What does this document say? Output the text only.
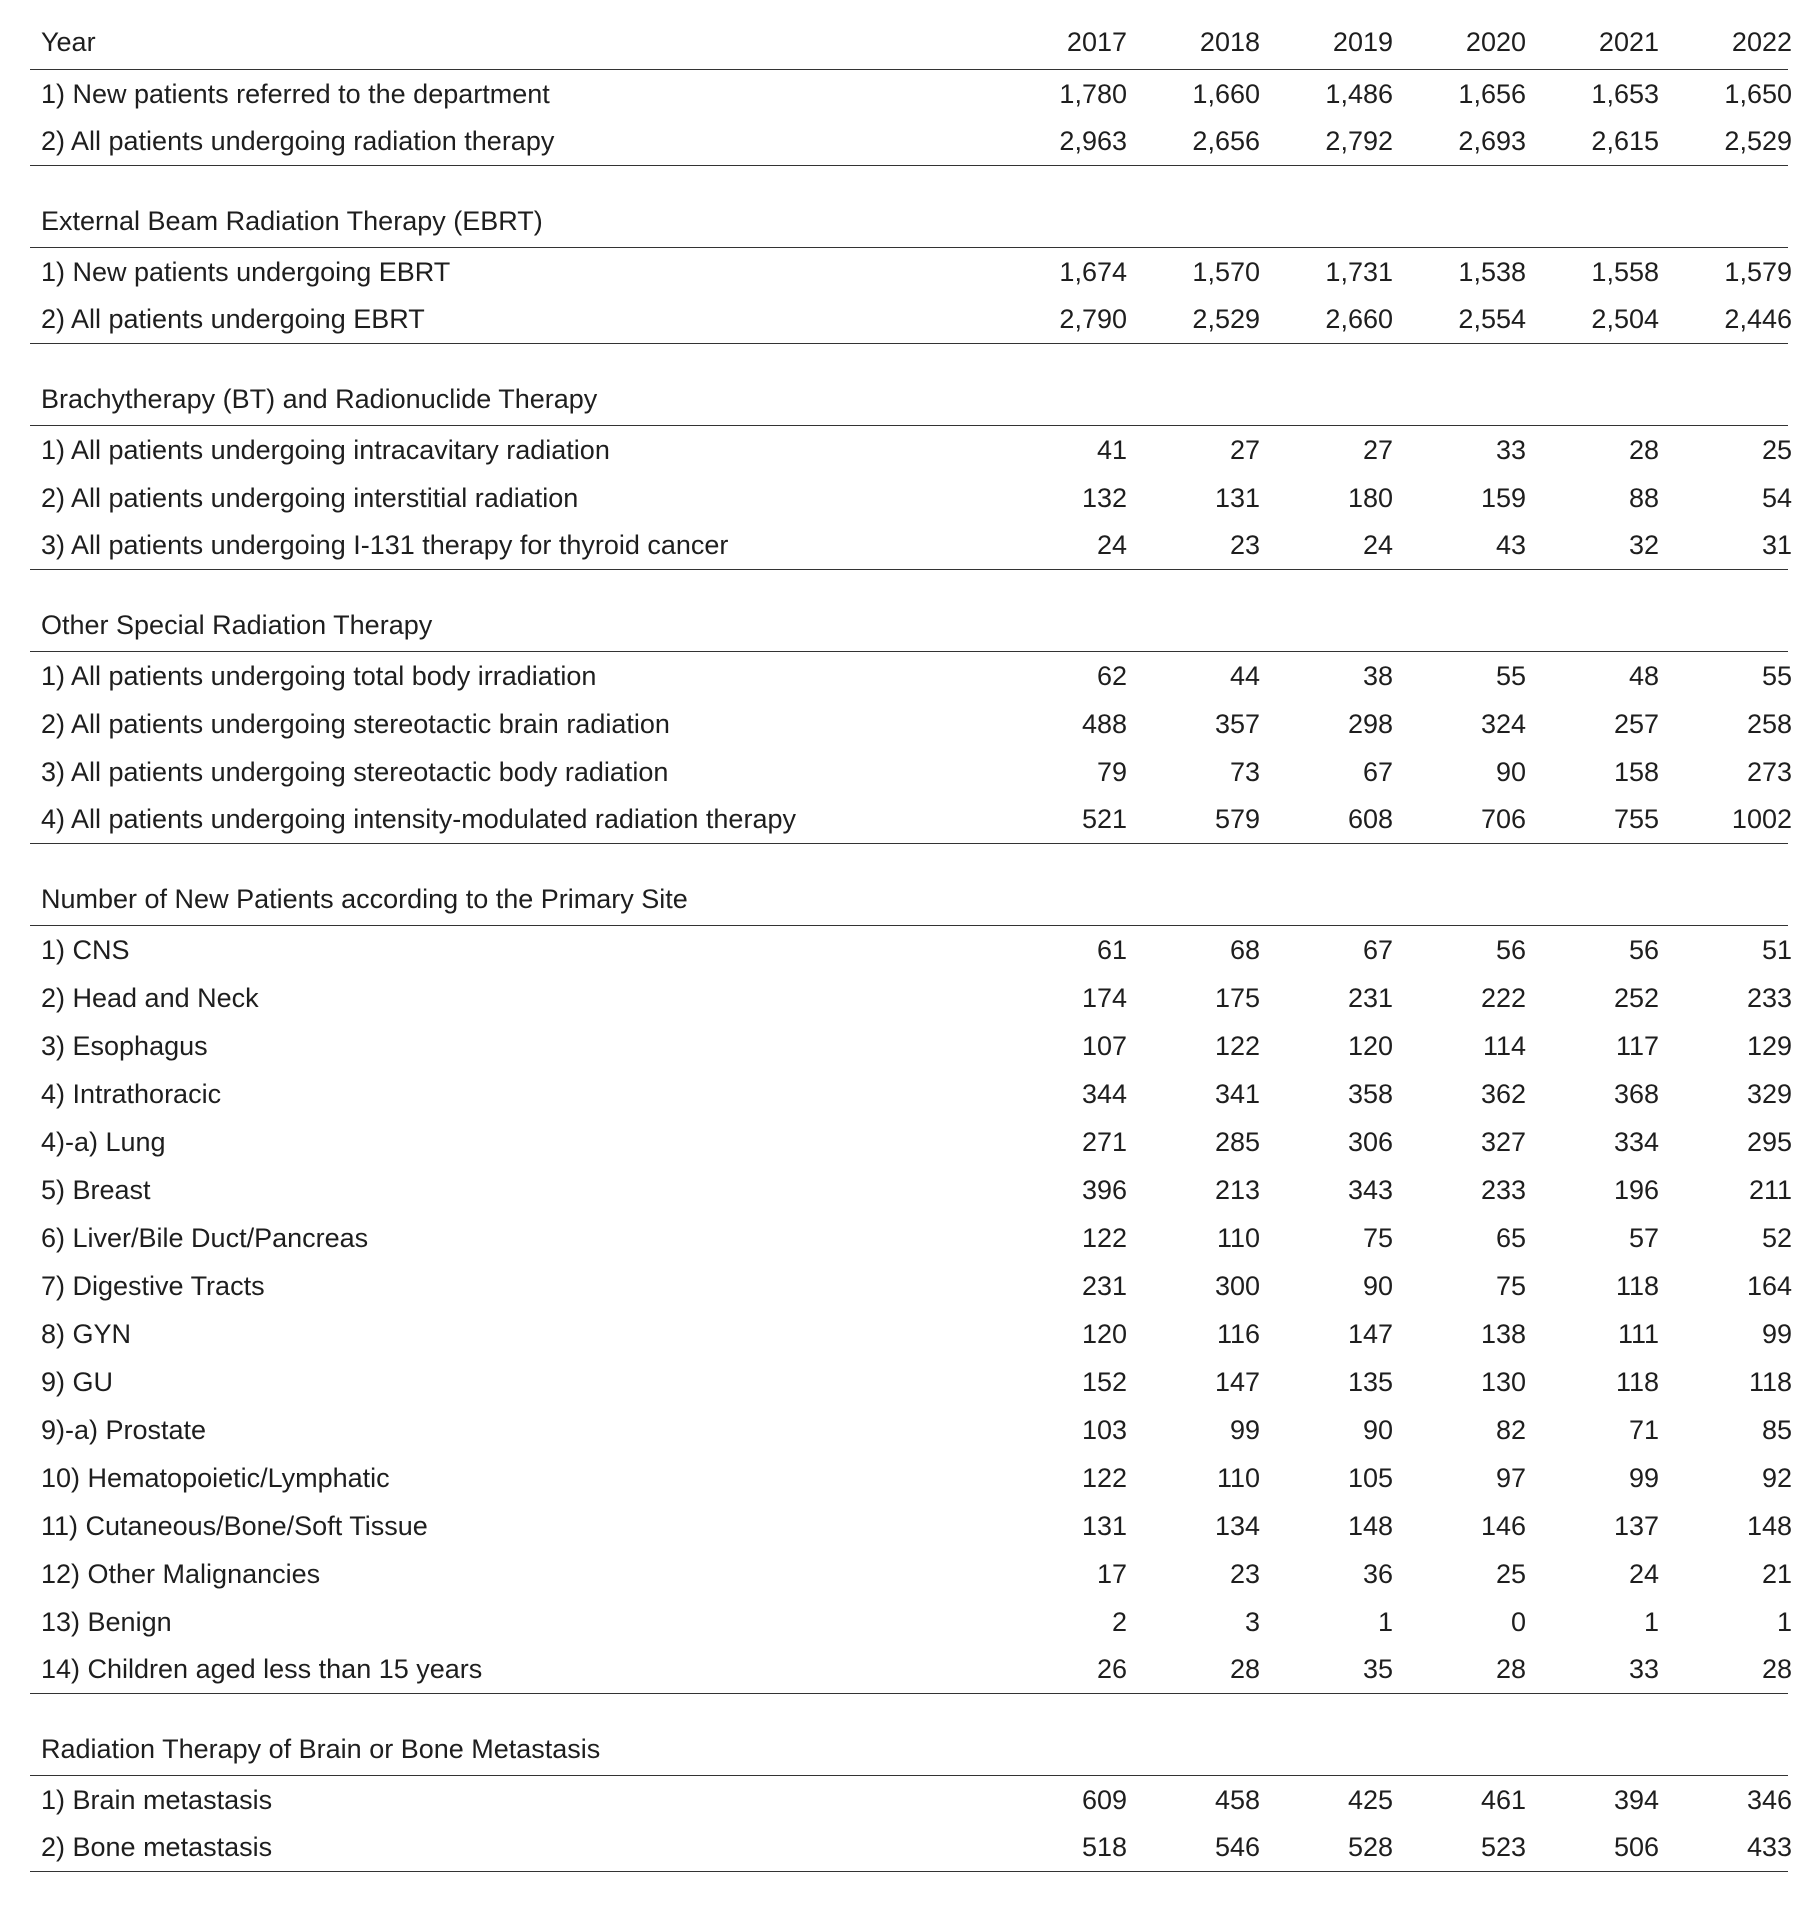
Year	2017	2018	2019	2020	2021	2022
1) New patients referred to the department	1,780	1,660	1,486	1,656	1,653	1,650
2) All patients undergoing radiation therapy	2,963	2,656	2,792	2,693	2,615	2,529
External Beam Radiation Therapy (EBRT)
1) New patients undergoing EBRT	1,674	1,570	1,731	1,538	1,558	1,579
2) All patients undergoing EBRT	2,790	2,529	2,660	2,554	2,504	2,446
Brachytherapy (BT) and Radionuclide Therapy
1) All patients undergoing intracavitary radiation	41	27	27	33	28	25
2) All patients undergoing interstitial radiation	132	131	180	159	88	54
3) All patients undergoing I-131 therapy for thyroid cancer	24	23	24	43	32	31
Other Special Radiation Therapy
1) All patients undergoing total body irradiation	62	44	38	55	48	55
2) All patients undergoing stereotactic brain radiation	488	357	298	324	257	258
3) All patients undergoing stereotactic body radiation	79	73	67	90	158	273
4) All patients undergoing intensity-modulated radiation therapy	521	579	608	706	755	1002
Number of New Patients according to the Primary Site
1) CNS	61	68	67	56	56	51
2) Head and Neck	174	175	231	222	252	233
3) Esophagus	107	122	120	114	117	129
4) Intrathoracic	344	341	358	362	368	329
4)-a) Lung	271	285	306	327	334	295
5) Breast	396	213	343	233	196	211
6) Liver/Bile Duct/Pancreas	122	110	75	65	57	52
7) Digestive Tracts	231	300	90	75	118	164
8) GYN	120	116	147	138	111	99
9) GU	152	147	135	130	118	118
9)-a) Prostate	103	99	90	82	71	85
10) Hematopoietic/Lymphatic	122	110	105	97	99	92
11) Cutaneous/Bone/Soft Tissue	131	134	148	146	137	148
12) Other Malignancies	17	23	36	25	24	21
13) Benign	2	3	1	0	1	1
14) Children aged less than 15 years	26	28	35	28	33	28
Radiation Therapy of Brain or Bone Metastasis
1) Brain metastasis	609	458	425	461	394	346
2) Bone metastasis	518	546	528	523	506	433
